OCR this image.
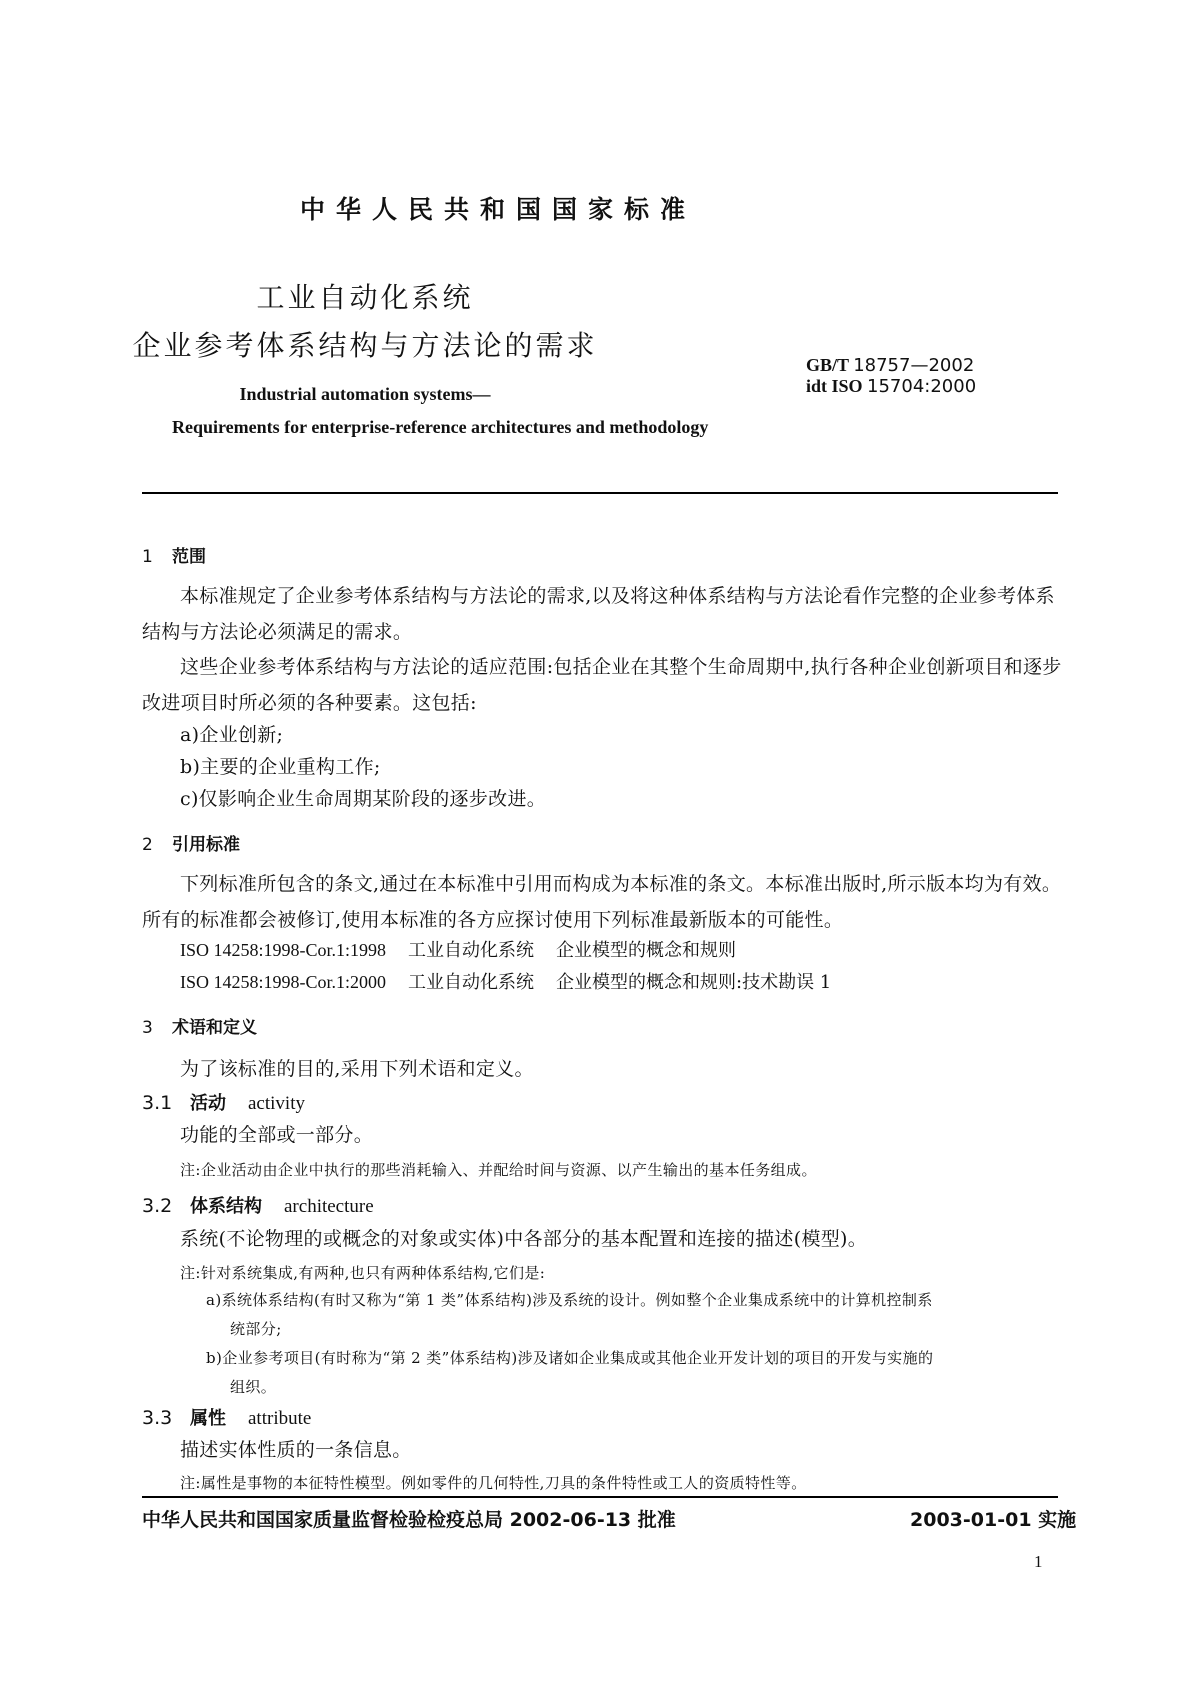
中华人民共和国国家标准
工业自动化系统
企业参考体系结构与方法论的需求
GB/T 18757—2002
idt ISO 15704:2000
Industrial automation systems—
Requirements for enterprise-reference architectures and methodology
1 范围
本标准规定了企业参考体系结构与方法论的需求,以及将这种体系结构与方法论看作完整的企业参考体系结构与方法论必须满足的需求。
这些企业参考体系结构与方法论的适应范围:包括企业在其整个生命周期中,执行各种企业创新项目和逐步改进项目时所必须的各种要素。这包括:
a)企业创新;
b)主要的企业重构工作;
c)仅影响企业生命周期某阶段的逐步改进。
2 引用标准
下列标准所包含的条文,通过在本标准中引用而构成为本标准的条文。本标准出版时,所示版本均为有效。所有的标准都会被修订,使用本标准的各方应探讨使用下列标准最新版本的可能性。
ISO 14258:1998-Cor.1:1998 工业自动化系统 企业模型的概念和规则
ISO 14258:1998-Cor.1:2000 工业自动化系统 企业模型的概念和规则:技术勘误 1
3 术语和定义
为了该标准的目的,采用下列术语和定义。
3.1 活动 activity
功能的全部或一部分。
注:企业活动由企业中执行的那些消耗输入、并配给时间与资源、以产生输出的基本任务组成。
3.2 体系结构 architecture
系统(不论物理的或概念的对象或实体)中各部分的基本配置和连接的描述(模型)。
注:针对系统集成,有两种,也只有两种体系结构,它们是:
a)系统体系结构(有时又称为“第 1 类”体系结构)涉及系统的设计。例如整个企业集成系统中的计算机控制系
统部分;
b)企业参考项目(有时称为“第 2 类”体系结构)涉及诸如企业集成或其他企业开发计划的项目的开发与实施的
组织。
3.3 属性 attribute
描述实体性质的一条信息。
注:属性是事物的本征特性模型。例如零件的几何特性,刀具的条件特性或工人的资质特性等。
中华人民共和国国家质量监督检验检疫总局 2002-06-13 批准	2003-01-01 实施
1
